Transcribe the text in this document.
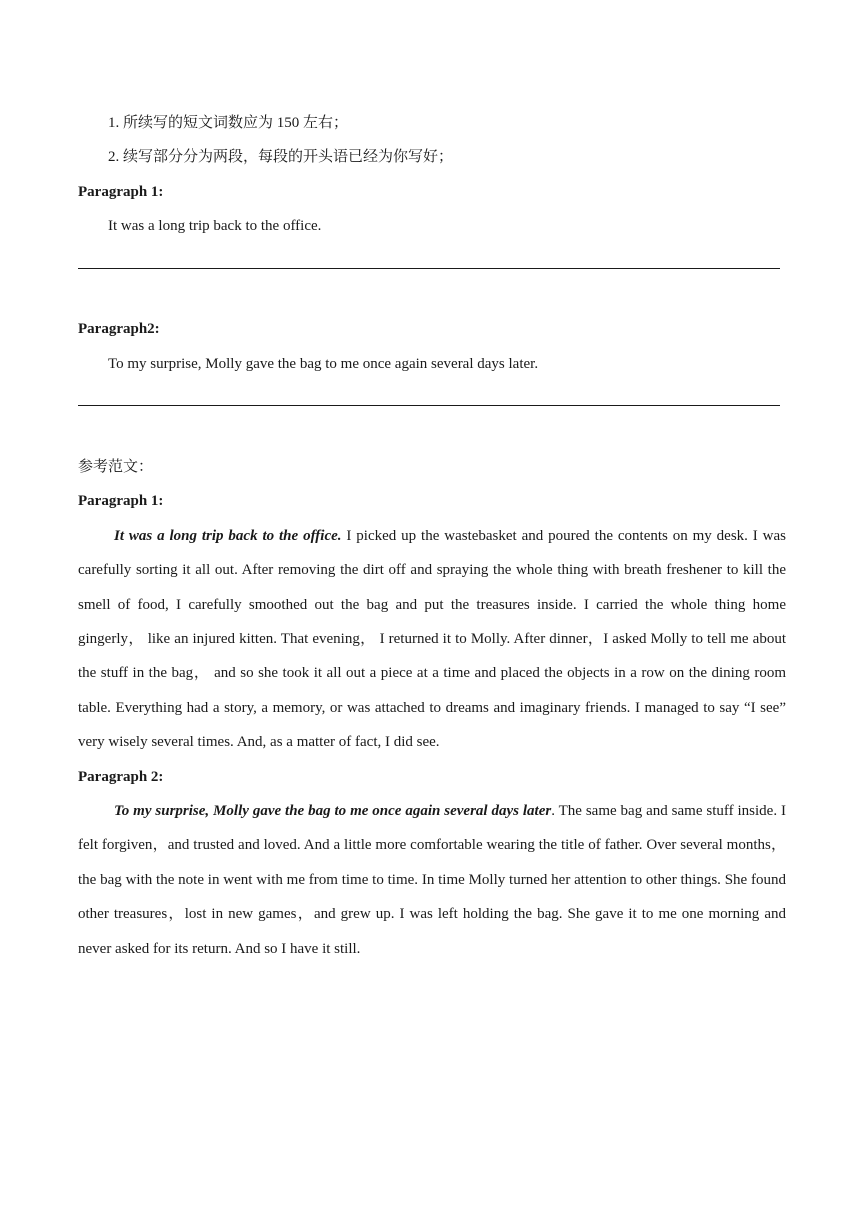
1. 所续写的短文词数应为 150 左右；

2. 续写部分分为两段，每段的开头语已经为你写好；

Paragraph 1:

It was a long trip back to the office.

Paragraph2:

To my surprise, Molly gave the bag to me once again several days later.

参考范文：

Paragraph 1:

It was a long trip back to the office. I picked up the wastebasket and poured the contents on my desk. I was carefully sorting it all out. After removing the dirt off and spraying the whole thing with breath freshener to kill the smell of food, I carefully smoothed out the bag and put the treasures inside. I carried the whole thing home gingerly， like an injured kitten. That evening， I returned it to Molly. After dinner，I asked Molly to tell me about the stuff in the bag， and so she took it all out a piece at a time and placed the objects in a row on the dining room table. Everything had a story, a memory, or was attached to dreams and imaginary friends. I managed to say “I see” very wisely several times. And, as a matter of fact, I did see.

Paragraph 2:

To my surprise, Molly gave the bag to me once again several days later. The same bag and same stuff inside. I felt forgiven，and trusted and loved. And a little more comfortable wearing the title of father. Over several months， the bag with the note in went with me from time to time. In time Molly turned her attention to other things. She found other treasures，lost in new games，and grew up. I was left holding the bag. She gave it to me one morning and never asked for its return. And so I have it still.
